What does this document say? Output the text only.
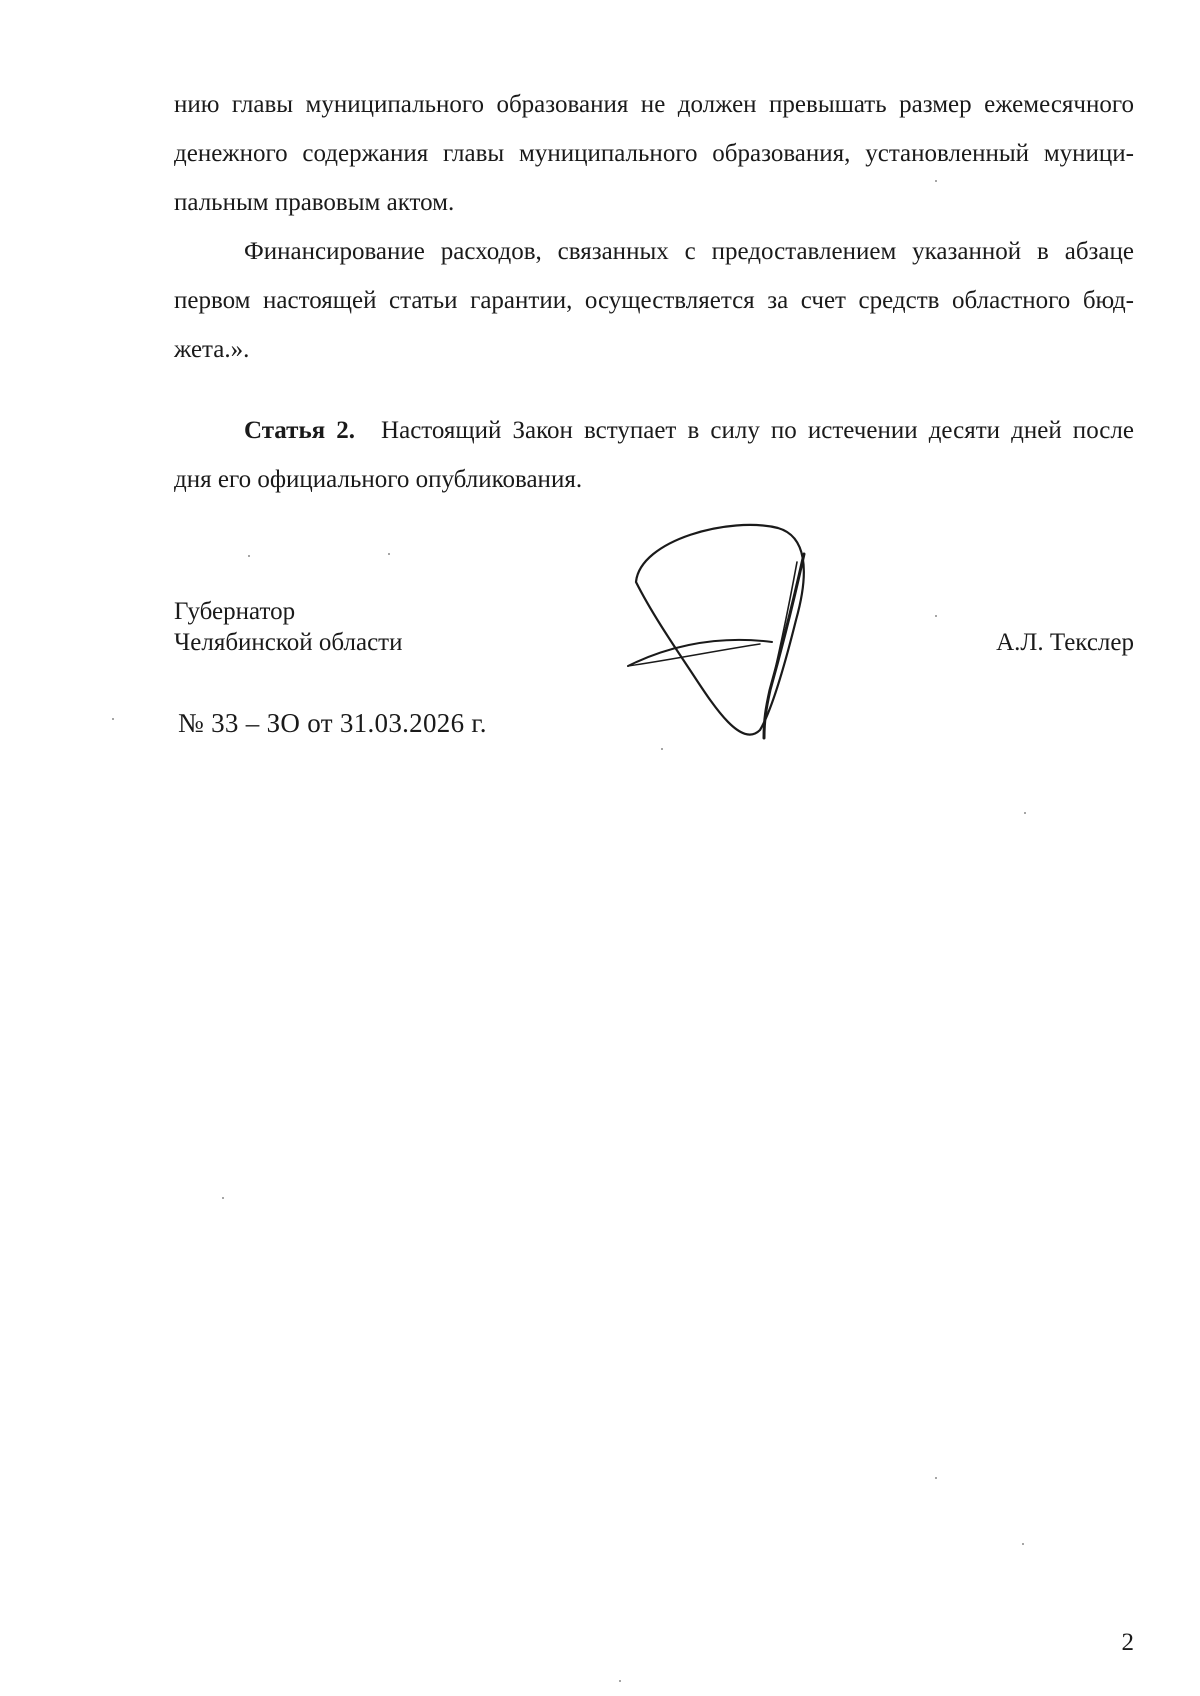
нию главы муниципального образования не должен превышать размер ежемесячного
денежного содержания главы муниципального образования, установленный муници-
пальным правовым актом.
Финансирование расходов, связанных с предоставлением указанной в абзаце
первом настоящей статьи гарантии, осуществляется за счет средств областного бюд-
жета.».
Статья 2. Настоящий Закон вступает в силу по истечении десяти дней после
дня его официального опубликования.
Губернатор
Челябинской области	А.Л. Текслер
№ 33 – ЗО от 31.03.2026 г.
2
